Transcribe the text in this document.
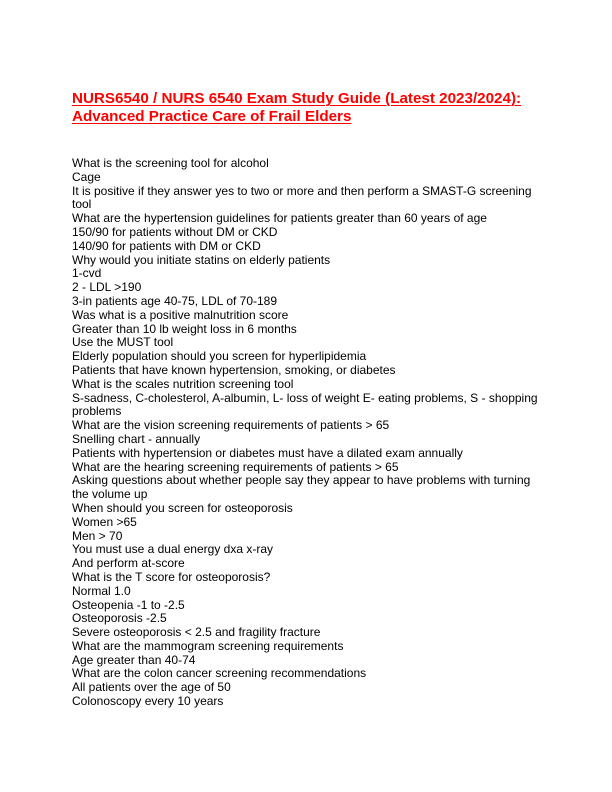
NURS6540 / NURS 6540 Exam Study Guide (Latest 2023/2024):
Advanced Practice Care of Frail Elders
What is the screening tool for alcohol
Cage
It is positive if they answer yes to two or more and then perform a SMAST-G screening
tool
What are the hypertension guidelines for patients greater than 60 years of age
150/90 for patients without DM or CKD
140/90 for patients with DM or CKD
Why would you initiate statins on elderly patients
1-cvd
2 - LDL >190
3-in patients age 40-75, LDL of 70-189
Was what is a positive malnutrition score
Greater than 10 lb weight loss in 6 months
Use the MUST tool
Elderly population should you screen for hyperlipidemia
Patients that have known hypertension, smoking, or diabetes
What is the scales nutrition screening tool
S-sadness, C-cholesterol, A-albumin, L- loss of weight E- eating problems, S - shopping
problems
What are the vision screening requirements of patients > 65
Snelling chart - annually
Patients with hypertension or diabetes must have a dilated exam annually
What are the hearing screening requirements of patients > 65
Asking questions about whether people say they appear to have problems with turning
the volume up
When should you screen for osteoporosis
Women >65
Men > 70
You must use a dual energy dxa x-ray
And perform at-score
What is the T score for osteoporosis?
Normal 1.0
Osteopenia -1 to -2.5
Osteoporosis -2.5
Severe osteoporosis < 2.5 and fragility fracture
What are the mammogram screening requirements
Age greater than 40-74
What are the colon cancer screening recommendations
All patients over the age of 50
Colonoscopy every 10 years
